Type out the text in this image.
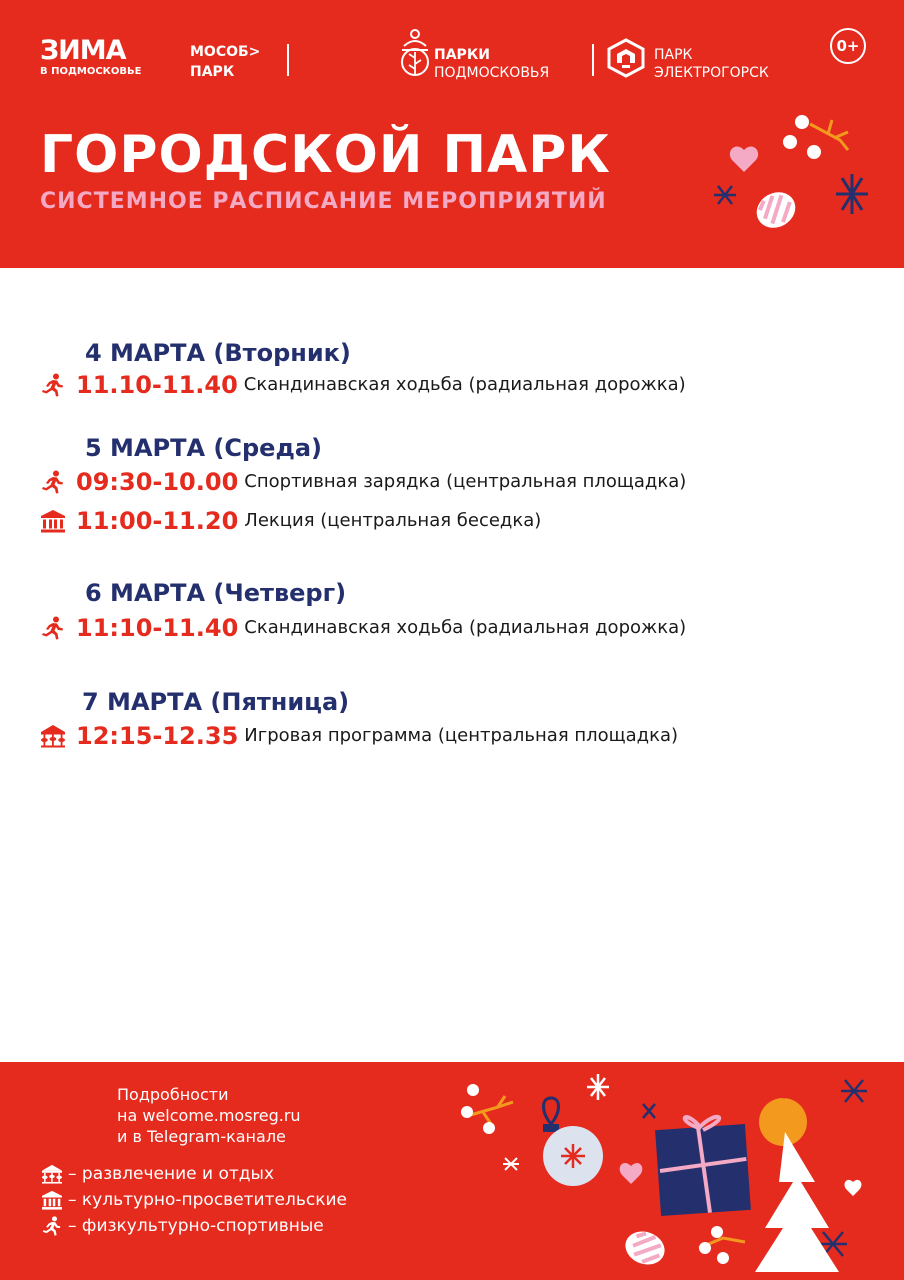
ЗИМА
В ПОДМОСКОВЬЕ
МОСОБ>
ПАРК
ПАРКИ
ПОДМОСКОВЬЯ
ПАРК
ЭЛЕКТРОГОРСК
0+
ГОРОДСКОЙ ПАРК
СИСТЕМНОЕ РАСПИСАНИЕ МЕРОПРИЯТИЙ
4 МАРТА (Вторник)
11.10-11.40 Скандинавская ходьба (радиальная дорожка)
5 МАРТА (Среда)
09:30-10.00 Спортивная зарядка (центральная площадка)
11:00-11.20 Лекция (центральная беседка)
6 МАРТА (Четверг)
11:10-11.40 Скандинавская ходьба (радиальная дорожка)
7 МАРТА (Пятница)
12:15-12.35 Игровая программа (центральная площадка)
Подробности
на welcome.mosreg.ru
и в Telegram-канале
– развлечение и отдых
– культурно-просветительские
– физкультурно-спортивные
